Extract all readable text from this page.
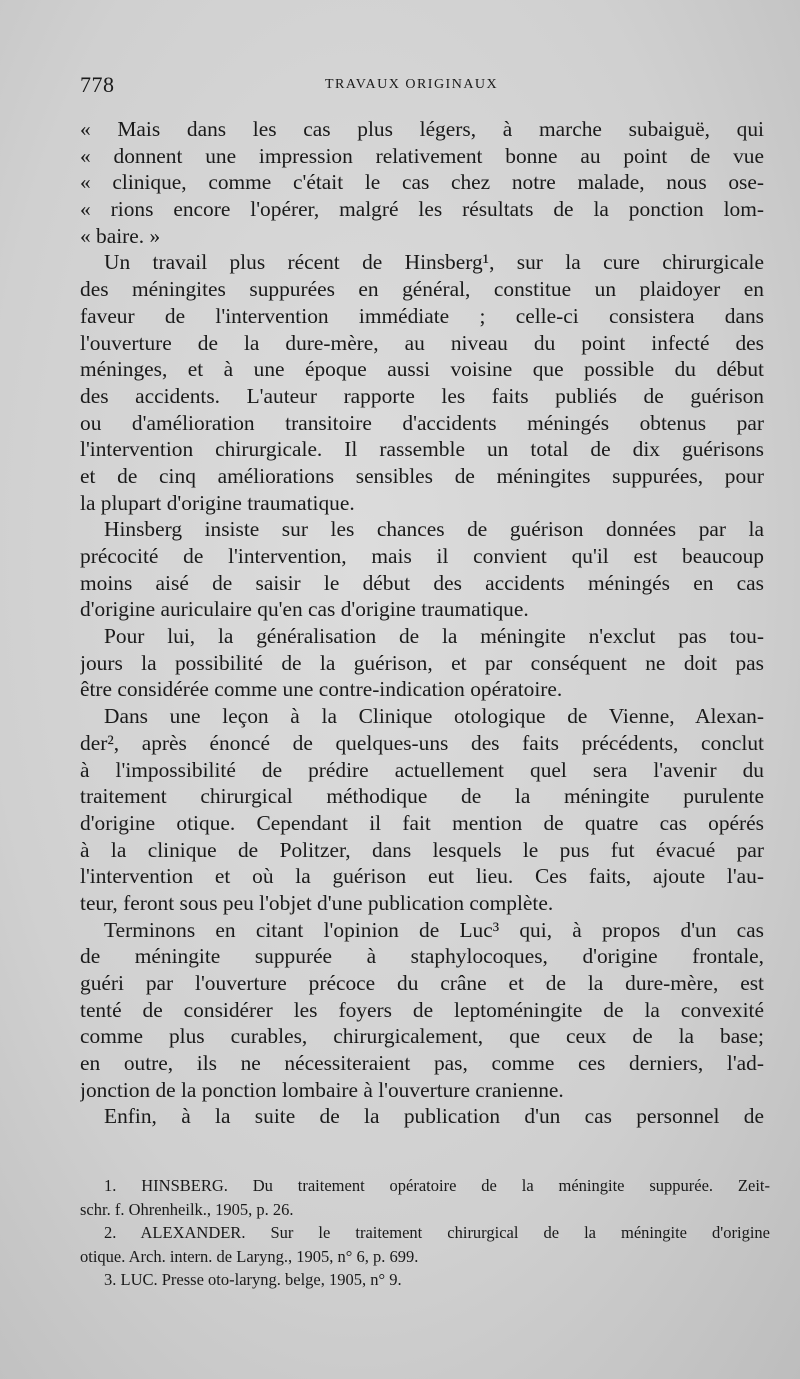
778	TRAVAUX ORIGINAUX
« Mais dans les cas plus légers, à marche subaiguë, qui
« donnent une impression relativement bonne au point de vue
« clinique, comme c'était le cas chez notre malade, nous ose-
« rions encore l'opérer, malgré les résultats de la ponction lom-
« baire. »
Un travail plus récent de Hinsberg¹, sur la cure chirurgicale
des méningites suppurées en général, constitue un plaidoyer en
faveur de l'intervention immédiate ; celle-ci consistera dans
l'ouverture de la dure-mère, au niveau du point infecté des
méninges, et à une époque aussi voisine que possible du début
des accidents. L'auteur rapporte les faits publiés de guérison
ou d'amélioration transitoire d'accidents méningés obtenus par
l'intervention chirurgicale. Il rassemble un total de dix guérisons
et de cinq améliorations sensibles de méningites suppurées, pour
la plupart d'origine traumatique.
Hinsberg insiste sur les chances de guérison données par la
précocité de l'intervention, mais il convient qu'il est beaucoup
moins aisé de saisir le début des accidents méningés en cas
d'origine auriculaire qu'en cas d'origine traumatique.
Pour lui, la généralisation de la méningite n'exclut pas tou-
jours la possibilité de la guérison, et par conséquent ne doit pas
être considérée comme une contre-indication opératoire.
Dans une leçon à la Clinique otologique de Vienne, Alexan-
der², après énoncé de quelques-uns des faits précédents, conclut
à l'impossibilité de prédire actuellement quel sera l'avenir du
traitement chirurgical méthodique de la méningite purulente
d'origine otique. Cependant il fait mention de quatre cas opérés
à la clinique de Politzer, dans lesquels le pus fut évacué par
l'intervention et où la guérison eut lieu. Ces faits, ajoute l'au-
teur, feront sous peu l'objet d'une publication complète.
Terminons en citant l'opinion de Luc³ qui, à propos d'un cas
de méningite suppurée à staphylocoques, d'origine frontale,
guéri par l'ouverture précoce du crâne et de la dure-mère, est
tenté de considérer les foyers de leptoméningite de la convexité
comme plus curables, chirurgicalement, que ceux de la base;
en outre, ils ne nécessiteraient pas, comme ces derniers, l'ad-
jonction de la ponction lombaire à l'ouverture cranienne.
Enfin, à la suite de la publication d'un cas personnel de
1. HINSBERG. Du traitement opératoire de la méningite suppurée. Zeit-
schr. f. Ohrenheilk., 1905, p. 26.
2. ALEXANDER. Sur le traitement chirurgical de la méningite d'origine
otique. Arch. intern. de Laryng., 1905, n° 6, p. 699.
3. LUC. Presse oto-laryng. belge, 1905, n° 9.
